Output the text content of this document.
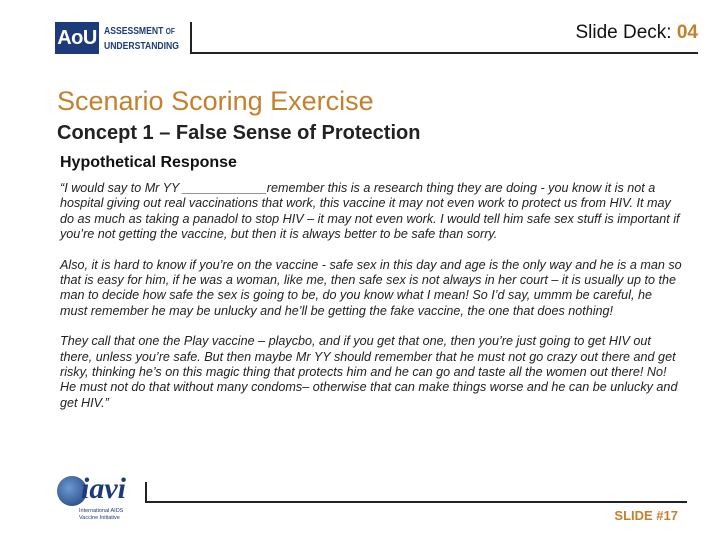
AoU ASSESSMENT OF
UNDERSTANDING
Slide Deck: 04
Scenario Scoring Exercise
Concept 1 – False Sense of Protection
Hypothetical Response

“I would say to Mr YY ____________remember this is a research thing they are doing - you know it is not a hospital giving out real vaccinations that work, this vaccine it may not even work to protect us from HIV. It may do as much as taking a panadol to stop HIV – it may not even work. I would tell him safe sex stuff is important if you’re not getting the vaccine, but then it is always better to be safe than sorry.

Also, it is hard to know if you’re on the vaccine - safe sex in this day and age is the only way and he is a man so that is easy for him, if he was a woman, like me, then safe sex is not always in her court – it is usually up to the man to decide how safe the sex is going to be, do you know what I mean! So I’d say, ummm be careful, he must remember he may be unlucky and he’ll be getting the fake vaccine, the one that does nothing!

They call that one the Play vaccine – playcbo, and if you get that one, then you’re just going to get HIV out there, unless you’re safe. But then maybe Mr YY should remember that he must not go crazy out there and get risky, thinking he’s on this magic thing that protects him and he can go and taste all the women out there! No! He must not do that without many condoms– otherwise that can make things worse and he can be unlucky and get HIV.”

iavi
International AIDS Vaccine Initiative	SLIDE #17
